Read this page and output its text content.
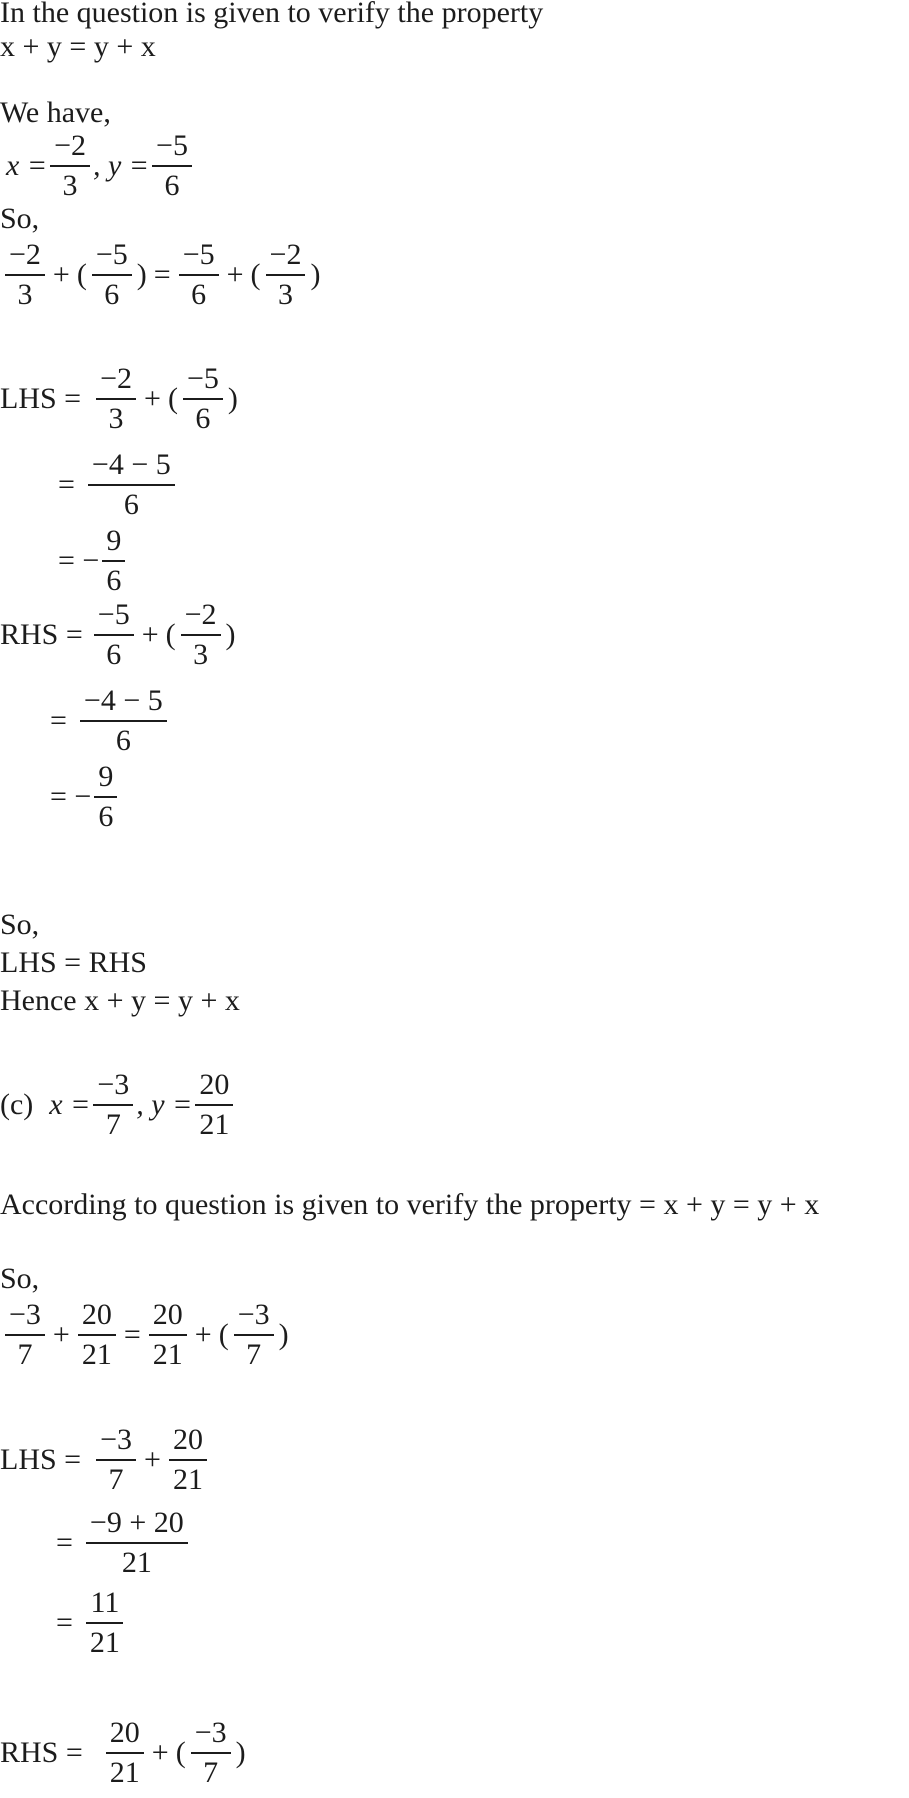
In the question is given to verify the property
x + y = y + x
We have,
$x = \frac{-2}{3}$ , $y = \frac{-5}{6}$
So,
$\frac{-2}{3}$ + ( $\frac{-5}{6}$ ) = $\frac{-5}{6}$ + ( $\frac{-2}{3}$ )
LHS = $\frac{-2}{3}$ + ( $\frac{-5}{6}$ )
= $\frac{-4 - 5}{6}$
= − $\frac{9}{6}$
RHS = $\frac{-5}{6}$ + ( $\frac{-2}{3}$ )
= $\frac{-4 - 5}{6}$
= − $\frac{9}{6}$
So,
LHS = RHS
Hence x + y = y + x
(c) $x = \frac{-3}{7}$ , $y = \frac{20}{21}$
According to question is given to verify the property = x + y = y + x
So,
$\frac{-3}{7} + \frac{20}{21} = \frac{20}{21}$ + ( $\frac{-3}{7}$ )
LHS = $\frac{-3}{7} + \frac{20}{21}$
= $\frac{-9 + 20}{21}$
= $\frac{11}{21}$
RHS = $\frac{20}{21}$ + ( $\frac{-3}{7}$ )
